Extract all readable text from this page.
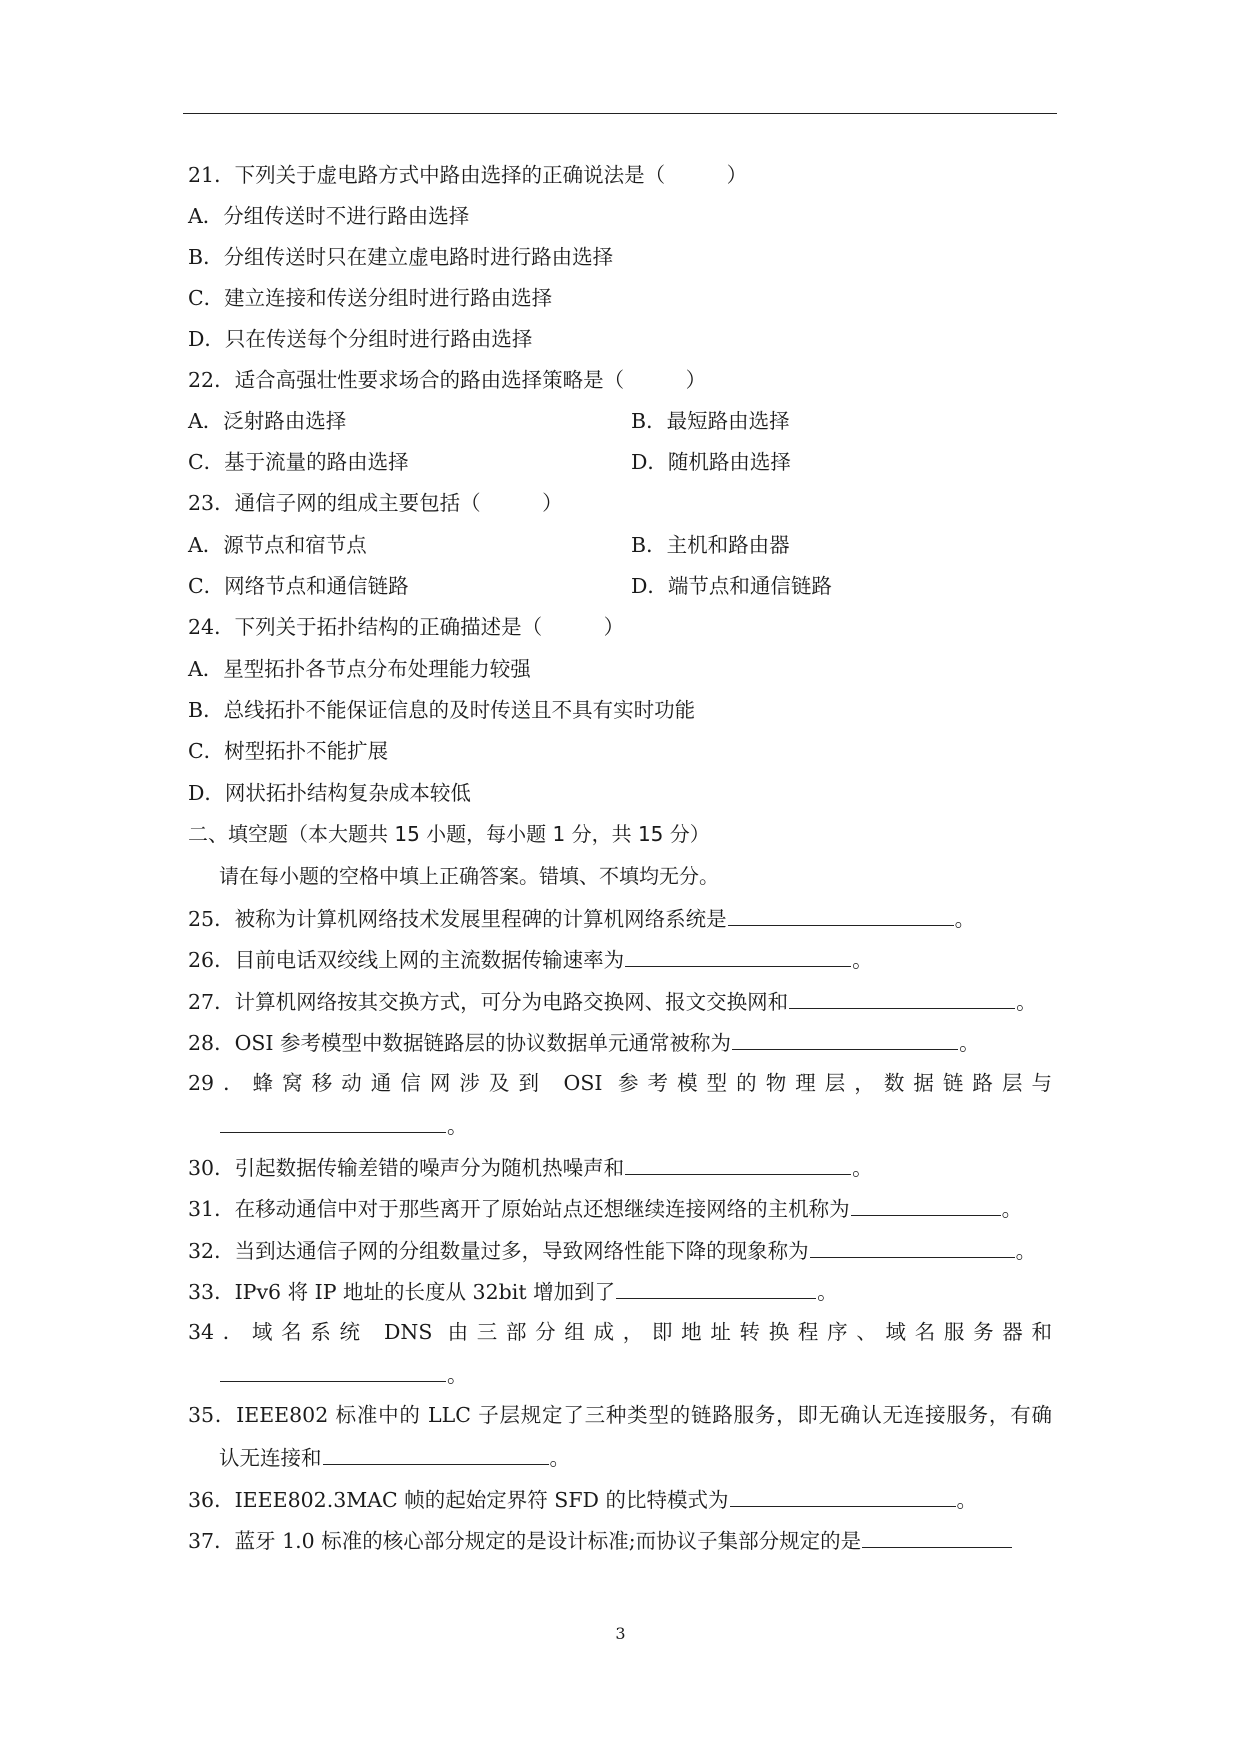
21．下列关于虚电路方式中路由选择的正确说法是（　　　）
A．分组传送时不进行路由选择
B．分组传送时只在建立虚电路时进行路由选择
C．建立连接和传送分组时进行路由选择
D．只在传送每个分组时进行路由选择
22．适合高强壮性要求场合的路由选择策略是（　　　）
A．泛射路由选择	B．最短路由选择
C．基于流量的路由选择	D．随机路由选择
23．通信子网的组成主要包括（　　　）
A．源节点和宿节点	B．主机和路由器
C．网络节点和通信链路	D．端节点和通信链路
24．下列关于拓扑结构的正确描述是（　　　）
A．星型拓扑各节点分布处理能力较强
B．总线拓扑不能保证信息的及时传送且不具有实时功能
C．树型拓扑不能扩展
D．网状拓扑结构复杂成本较低
二、填空题（本大题共 15 小题，每小题 1 分，共 15 分）
请在每小题的空格中填上正确答案。错填、不填均无分。
25．被称为计算机网络技术发展里程碑的计算机网络系统是	。
26．目前电话双绞线上网的主流数据传输速率为	。
27．计算机网络按其交换方式，可分为电路交换网、报文交换网和	。
28．OSI 参考模型中数据链路层的协议数据单元通常被称为	。
29．蜂窝移动通信网涉及到 OSI 参考模型的物理层，数据链路层与
。
30．引起数据传输差错的噪声分为随机热噪声和	。
31．在移动通信中对于那些离开了原始站点还想继续连接网络的主机称为	。
32．当到达通信子网的分组数量过多，导致网络性能下降的现象称为	。
33．IPv6 将 IP 地址的长度从 32bit 增加到了	。
34．域名系统 DNS 由三部分组成，即地址转换程序、域名服务器和
。
35．IEEE802 标准中的 LLC 子层规定了三种类型的链路服务，即无确认无连接服务，有确
认无连接和	。
36．IEEE802.3MAC 帧的起始定界符 SFD 的比特模式为	。
37．蓝牙 1.0 标准的核心部分规定的是设计标准;而协议子集部分规定的是
3
